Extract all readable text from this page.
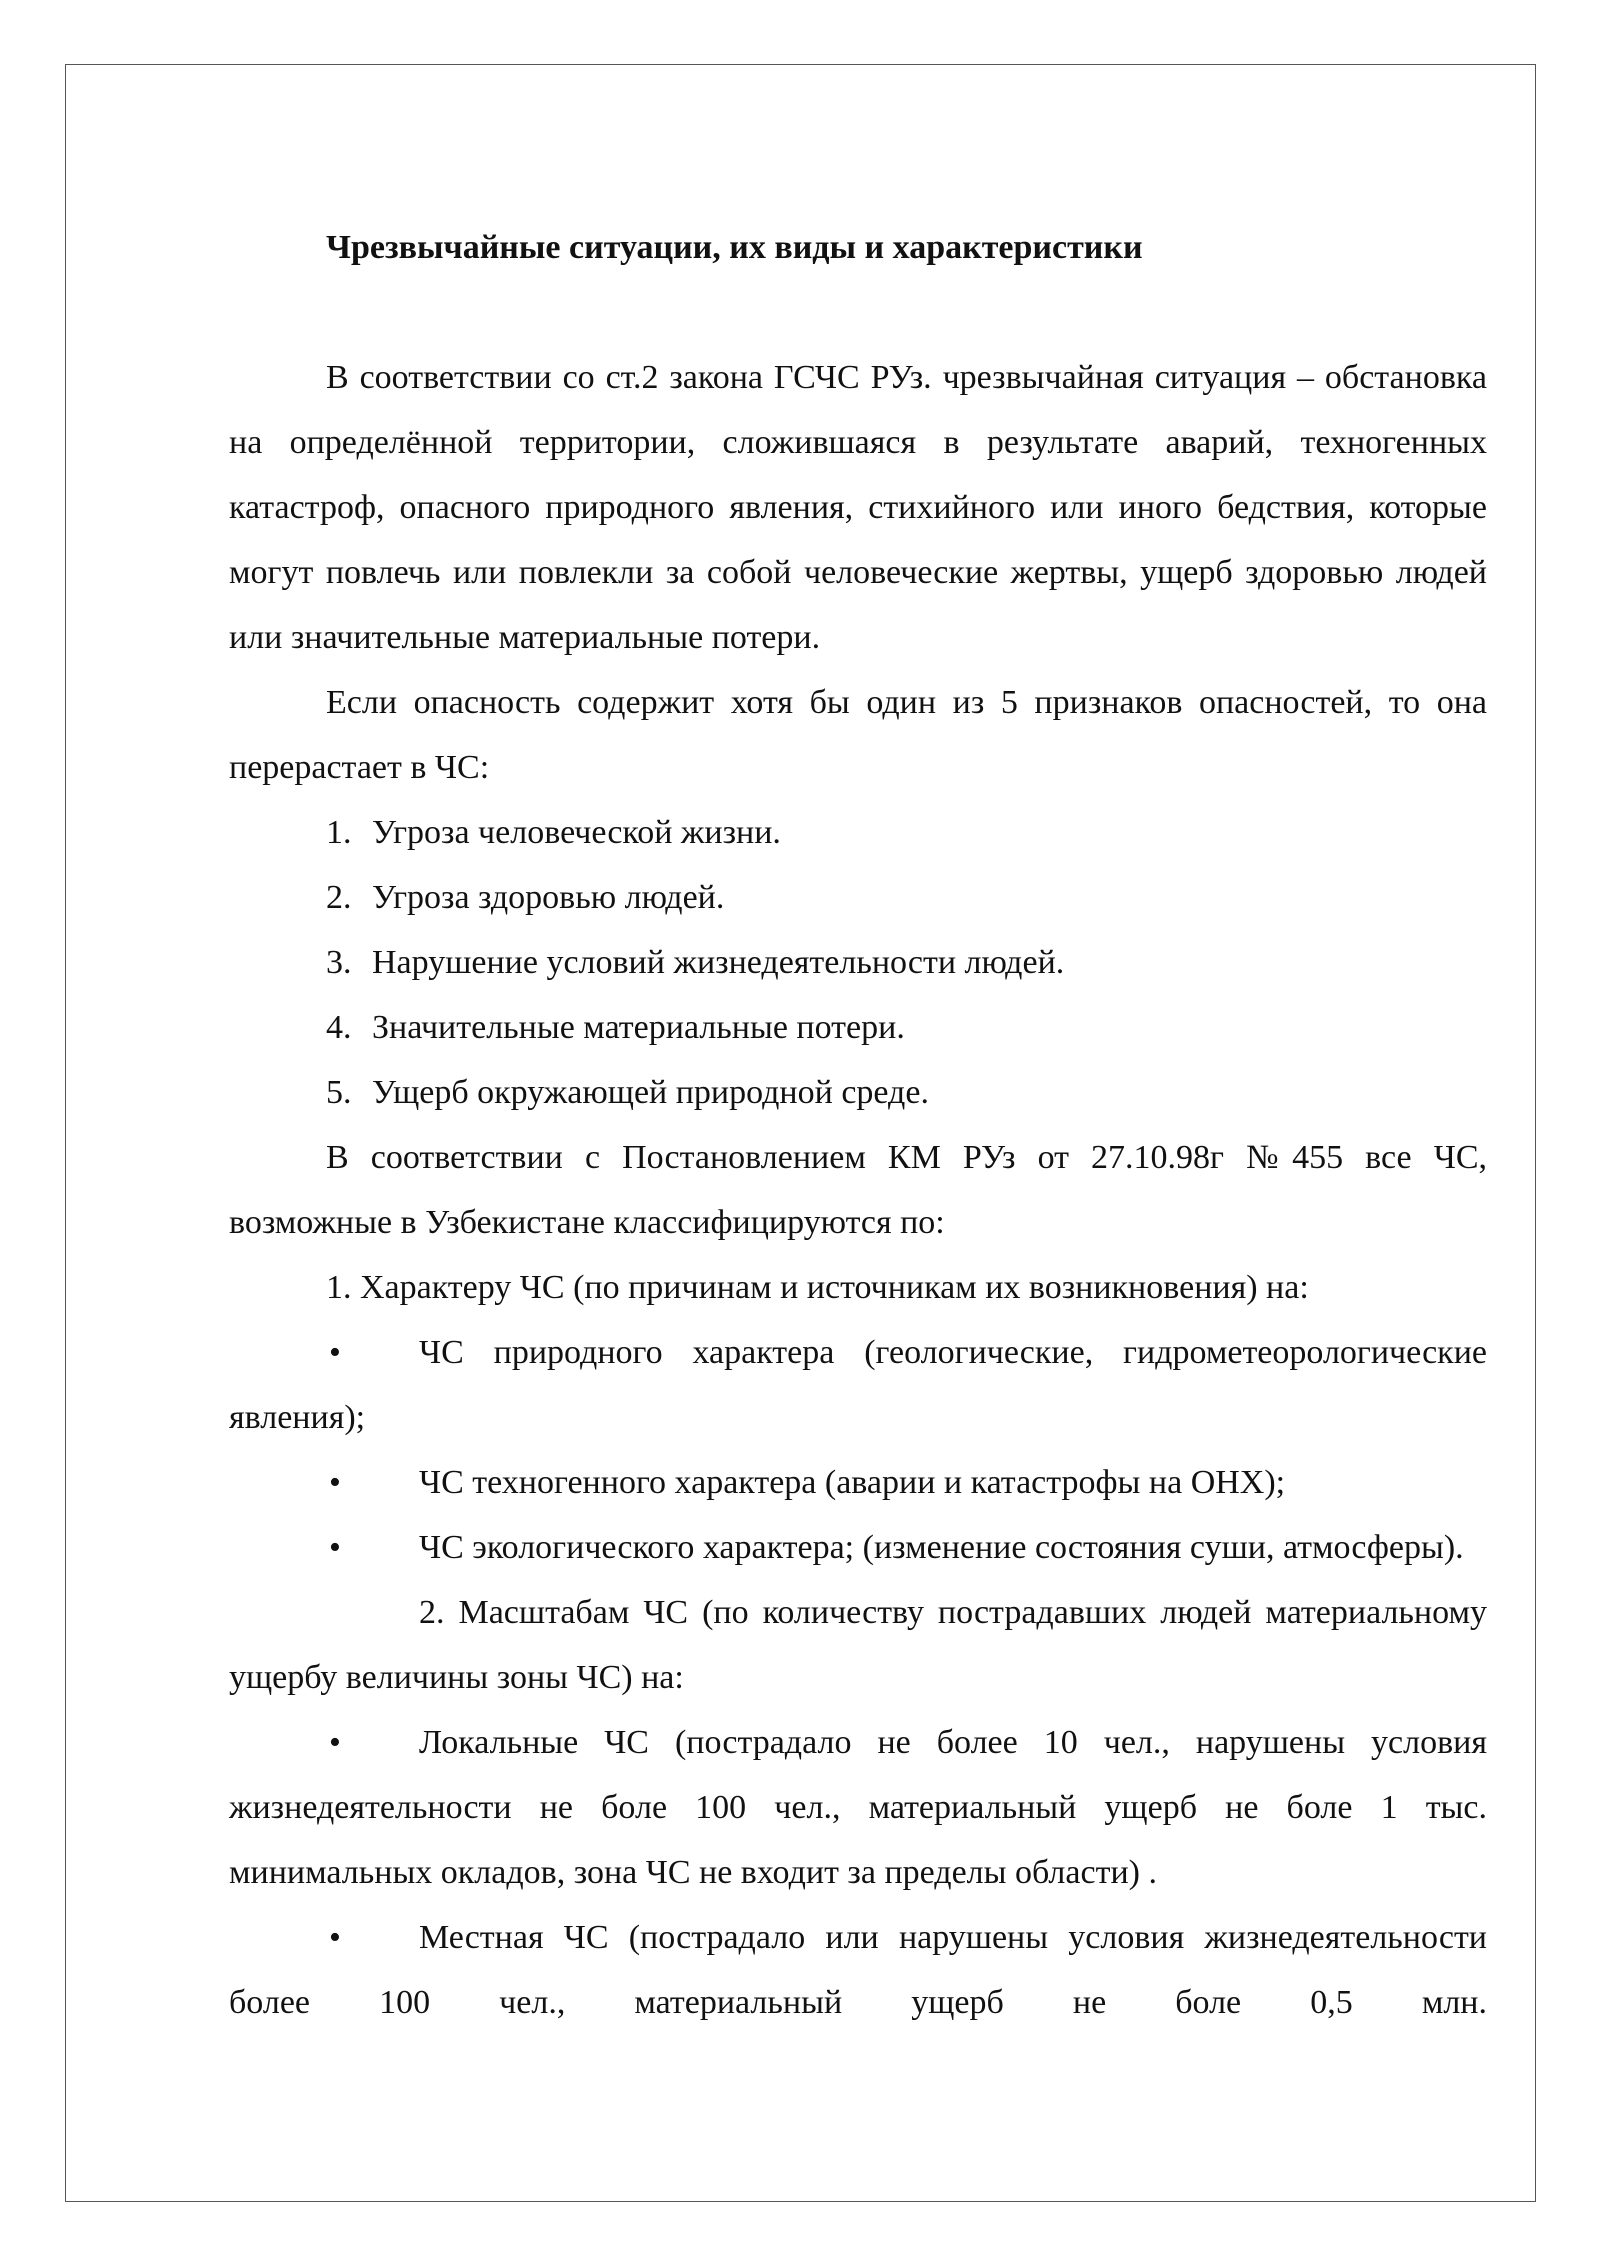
Чрезвычайные ситуации, их виды и характеристики

В соответствии со ст.2 закона ГСЧС РУз. чрезвычайная ситуация – обстановка на определённой территории, сложившаяся в результате аварий, техногенных катастроф, опасного природного явления, стихийного или иного бедствия, которые могут повлечь или повлекли за собой человеческие жертвы, ущерб здоровью людей или значительные материальные потери.

Если опасность содержит хотя бы один из 5 признаков опасностей, то она перерастает в ЧС:

1. Угроза человеческой жизни.
2. Угроза здоровью людей.
3. Нарушение условий жизнедеятельности людей.
4. Значительные материальные потери.
5. Ущерб окружающей природной среде.

В соответствии с Постановлением КМ РУз от 27.10.98г №455 все ЧС, возможные в Узбекистане классифицируются по:

1. Характеру ЧС (по причинам и источникам их возникновения) на:

• ЧС природного характера (геологические, гидрометеорологические явления);

• ЧС техногенного характера (аварии и катастрофы на ОНХ);

• ЧС экологического характера; (изменение состояния суши, атмосферы).

2. Масштабам ЧС (по количеству пострадавших людей материальному ущербу величины зоны ЧС) на:

• Локальные ЧС (пострадало не более 10 чел., нарушены условия жизнедеятельности не боле 100 чел., материальный ущерб не боле 1 тыс. минимальных окладов, зона ЧС не входит за пределы области) .

• Местная ЧС (пострадало или нарушены условия жизнедеятельности более 100 чел., материальный ущерб не боле 0,5 млн.
